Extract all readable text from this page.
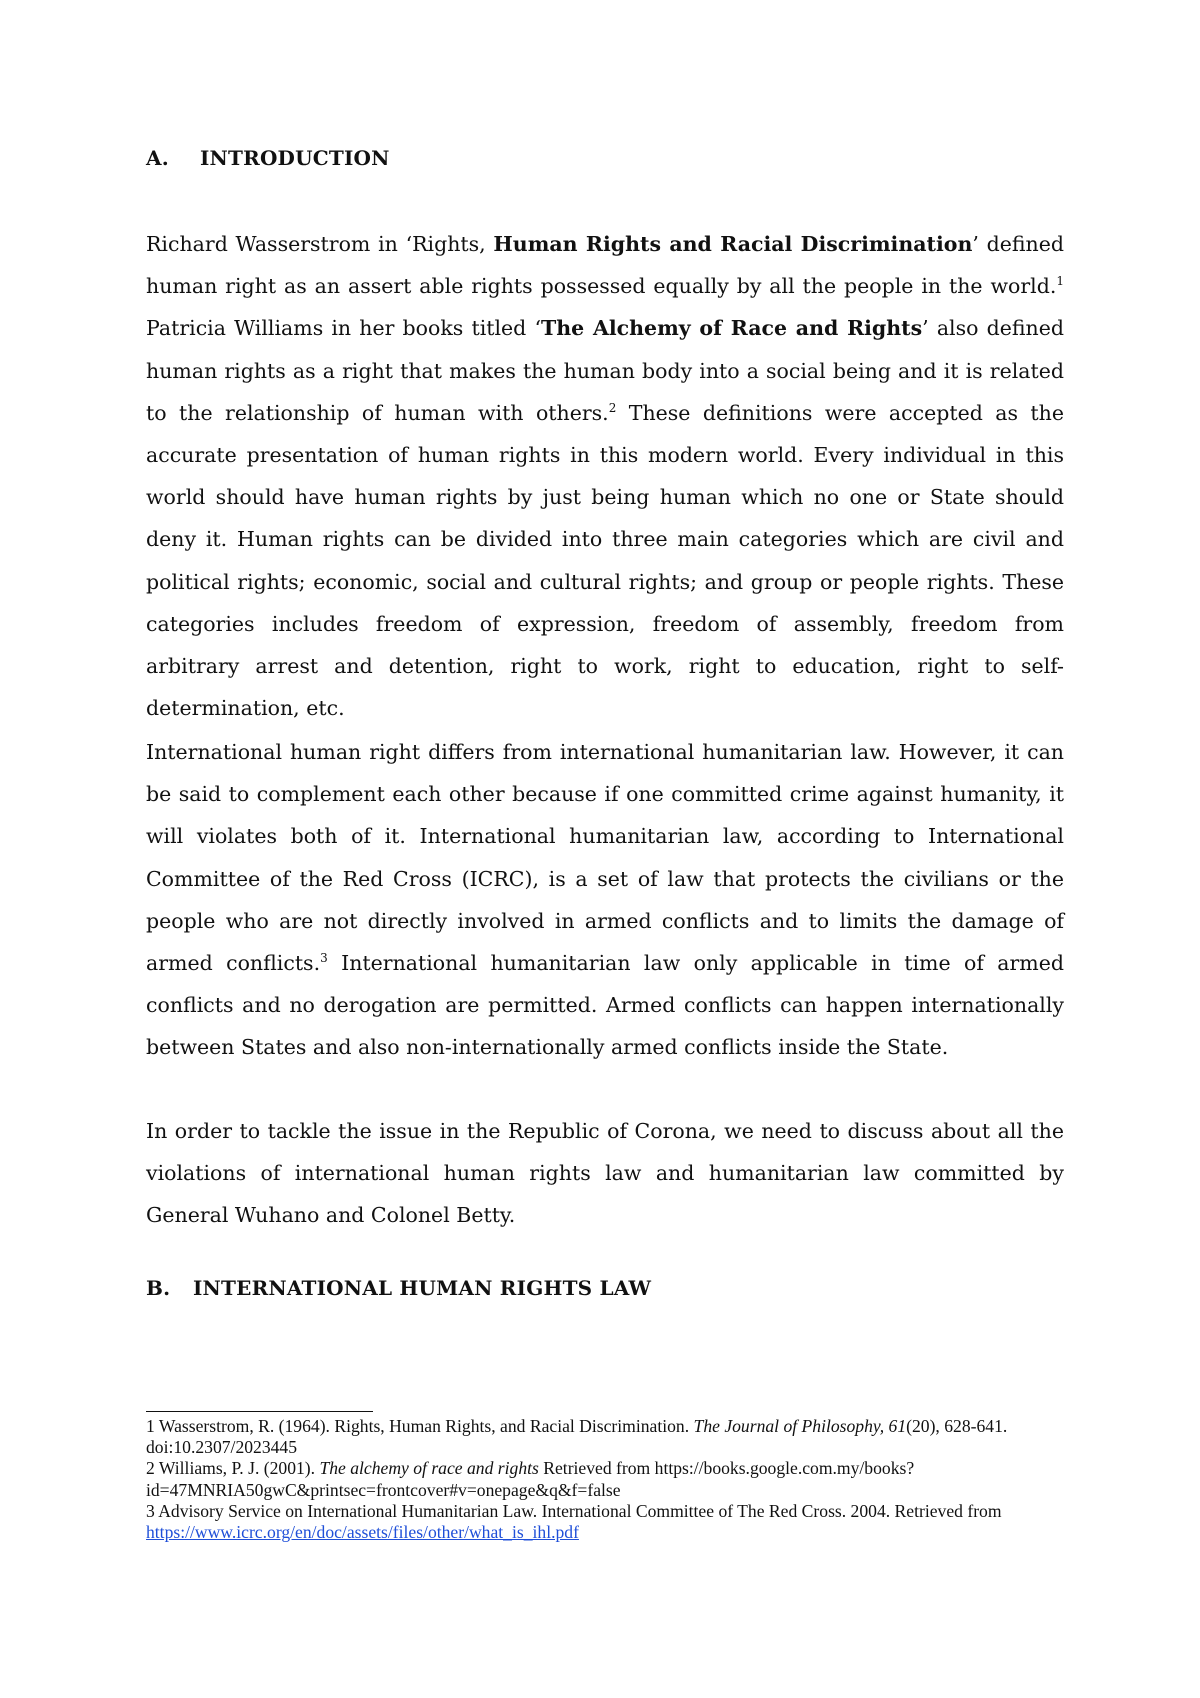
A. INTRODUCTION
Richard Wasserstrom in ‘Rights, Human Rights and Racial Discrimination’ defined human right as an assert able rights possessed equally by all the people in the world.$^1$ Patricia Williams in her books titled ‘The Alchemy of Race and Rights’ also defined human rights as a right that makes the human body into a social being and it is related to the relationship of human with others.$^2$ These definitions were accepted as the accurate presentation of human rights in this modern world. Every individual in this world should have human rights by just being human which no one or State should deny it. Human rights can be divided into three main categories which are civil and political rights; economic, social and cultural rights; and group or people rights. These categories includes freedom of expression, freedom of assembly, freedom from arbitrary arrest and detention, right to work, right to education, right to self-determination, etc.
International human right differs from international humanitarian law. However, it can be said to complement each other because if one committed crime against humanity, it will violates both of it. International humanitarian law, according to International Committee of the Red Cross (ICRC), is a set of law that protects the civilians or the people who are not directly involved in armed conflicts and to limits the damage of armed conflicts.$^3$ International humanitarian law only applicable in time of armed conflicts and no derogation are permitted. Armed conflicts can happen internationally between States and also non-internationally armed conflicts inside the State.
In order to tackle the issue in the Republic of Corona, we need to discuss about all the violations of international human rights law and humanitarian law committed by General Wuhano and Colonel Betty.
B. INTERNATIONAL HUMAN RIGHTS LAW

1 Wasserstrom, R. (1964). Rights, Human Rights, and Racial Discrimination. The Journal of Philosophy, 61(20), 628-641. doi:10.2307/2023445

2 Williams, P. J. (2001). The alchemy of race and rights Retrieved from https://books.google.com.my/books?id=47MNRIA50gwC&printsec=frontcover#v=onepage&q&f=false

3 Advisory Service on International Humanitarian Law. International Committee of The Red Cross. 2004. Retrieved from https://www.icrc.org/en/doc/assets/files/other/what_is_ihl.pdf
